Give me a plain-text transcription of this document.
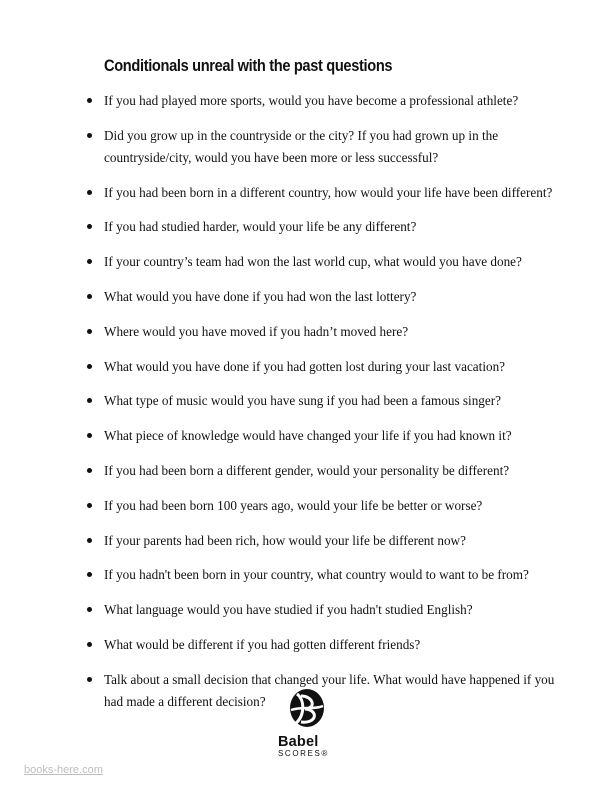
Conditionals unreal with the past questions
If you had played more sports, would you have become a professional athlete?
Did you grow up in the countryside or the city? If you had grown up in the countryside/city, would you have been more or less successful?
If you had been born in a different country, how would your life have been different?
If you had studied harder, would your life be any different?
If your country’s team had won the last world cup, what would you have done?
What would you have done if you had won the last lottery?
Where would you have moved if you hadn’t moved here?
What would you have done if you had gotten lost during your last vacation?
What type of music would you have sung if you had been a famous singer?
What piece of knowledge would have changed your life if you had known it?
If you had been born a different gender, would your personality be different?
If you had been born 100 years ago, would your life be better or worse?
If your parents had been rich, how would your life be different now?
If you hadn't been born in your country, what country would to want to be from?
What language would you have studied if you hadn't studied English?
What would be different if you had gotten different friends?
Talk about a small decision that changed your life. What would have happened if you had made a different decision?
Babel
SCORES®
books-here.com
